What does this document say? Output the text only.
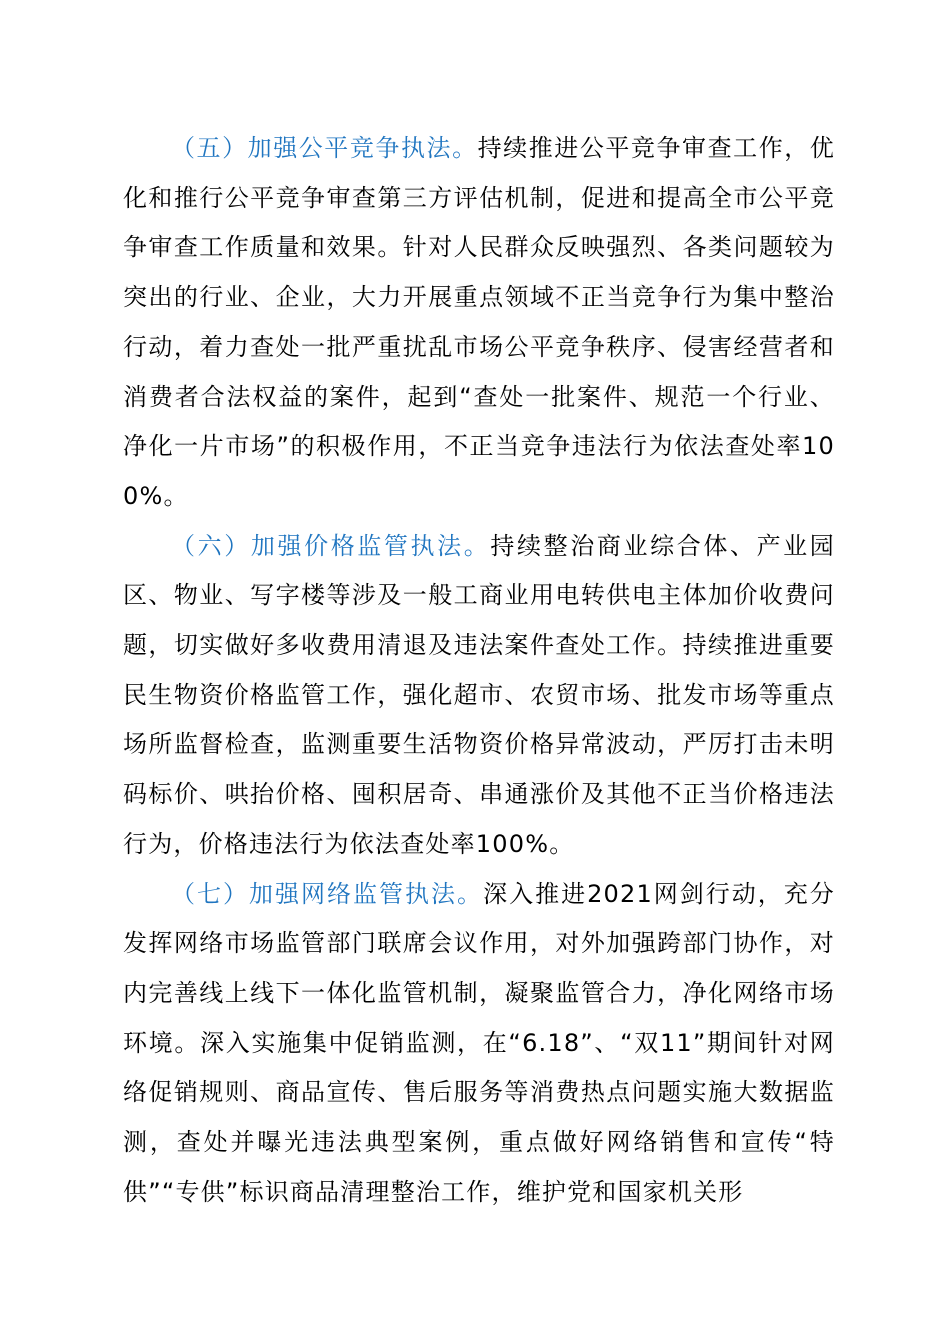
（五）加强公平竞争执法。持续推进公平竞争审查工作，优化和推行公平竞争审查第三方评估机制，促进和提高全市公平竞争审查工作质量和效果。针对人民群众反映强烈、各类问题较为突出的行业、企业，大力开展重点领域不正当竞争行为集中整治行动，着力查处一批严重扰乱市场公平竞争秩序、侵害经营者和消费者合法权益的案件，起到“查处一批案件、规范一个行业、净化一片市场”的积极作用，不正当竞争违法行为依法查处率100%。

（六）加强价格监管执法。持续整治商业综合体、产业园区、物业、写字楼等涉及一般工商业用电转供电主体加价收费问题，切实做好多收费用清退及违法案件查处工作。持续推进重要民生物资价格监管工作，强化超市、农贸市场、批发市场等重点场所监督检查，监测重要生活物资价格异常波动，严厉打击未明码标价、哄抬价格、囤积居奇、串通涨价及其他不正当价格违法行为，价格违法行为依法查处率100%。

（七）加强网络监管执法。深入推进2021网剑行动，充分发挥网络市场监管部门联席会议作用，对外加强跨部门协作，对内完善线上线下一体化监管机制，凝聚监管合力，净化网络市场环境。深入实施集中促销监测，在“6.18”、“双11”期间针对网络促销规则、商品宣传、售后服务等消费热点问题实施大数据监测，查处并曝光违法典型案例，重点做好网络销售和宣传“特供”“专供”标识商品清理整治工作，维护党和国家机关形
